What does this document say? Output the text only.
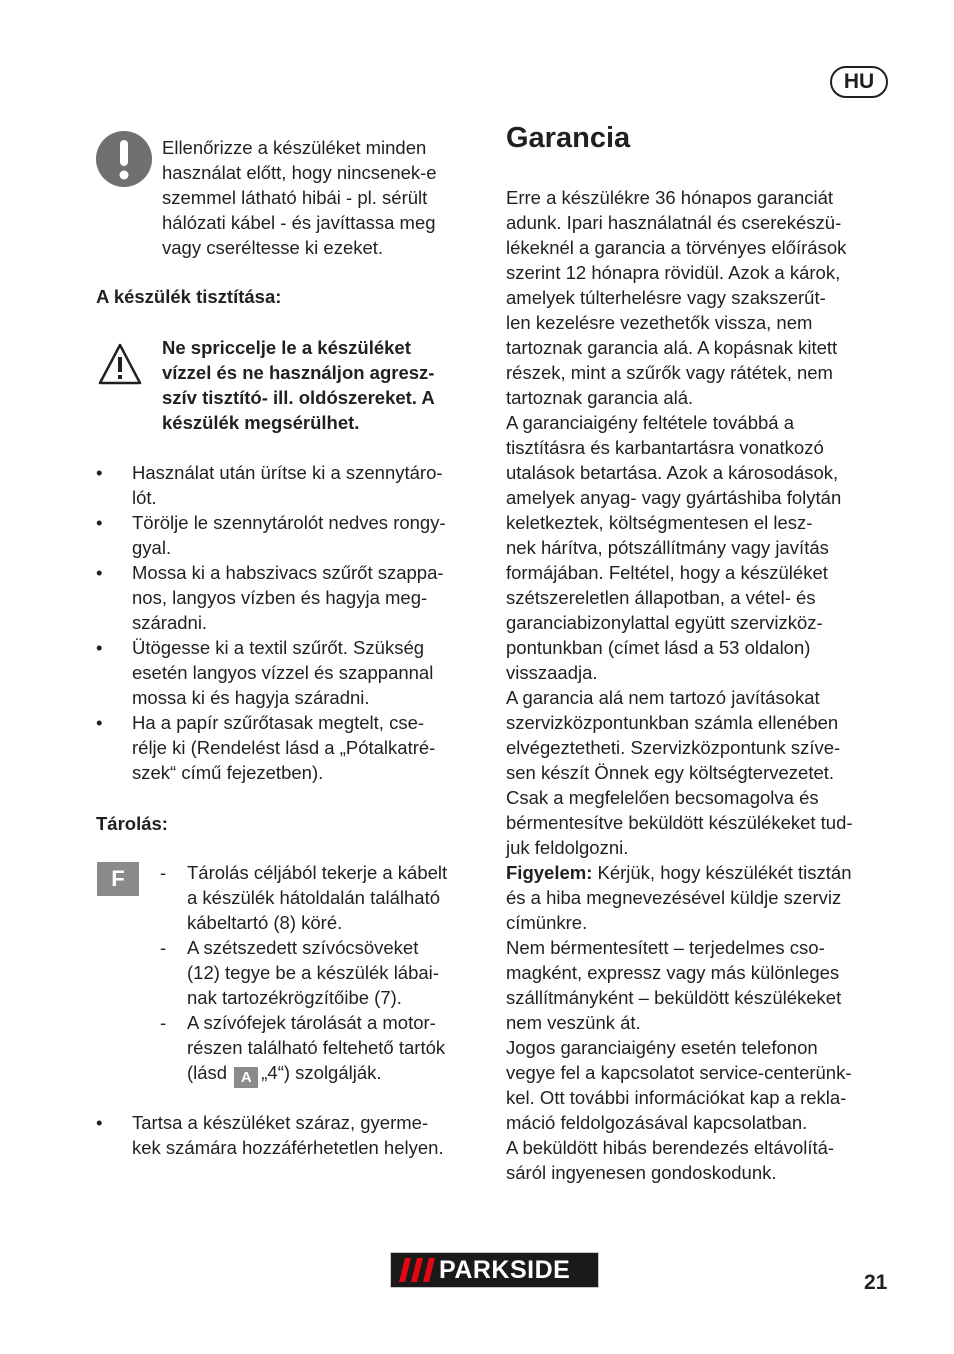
HU
Ellenőrizze a készüléket minden
használat előtt, hogy nincsenek-e
szemmel látható hibái - pl. sérült
hálózati kábel - és javíttassa meg
vagy cseréltesse ki ezeket.
A készülék tisztítása:
Ne spriccelje le a készüléket
vízzel és ne használjon agresz-
szív tisztító- ill. oldószereket. A
készülék megsérülhet.
• Használat után ürítse ki a szennytáro-
lót.
• Törölje le szennytárolót nedves rongy-
gyal.
• Mossa ki a habszivacs szűrőt szappa-
nos, langyos vízben és hagyja meg-
száradni.
• Ütögesse ki a textil szűrőt. Szükség
esetén langyos vízzel és szappannal
mossa ki és hagyja száradni.
• Ha a papír szűrőtasak megtelt, cse-
rélje ki (Rendelést lásd a „Pótalkatré-
szek“ című fejezetben).
Tárolás:
F	- Tárolás céljából tekerje a kábelt
a készülék hátoldalán található
kábeltartó (8) köré.
- A szétszedett szívócsöveket
(12) tegye be a készülék lábai-
nak tartozékrögzítőibe (7).
- A szívófejek tárolását a motor-
részen található feltehető tartók
(lásd A „4“) szolgálják.
• Tartsa a készüléket száraz, gyerme-
kek számára hozzáférhetetlen helyen.
Garancia
Erre a készülékre 36 hónapos garanciát
adunk. Ipari használatnál és cserekészü-
lékeknél a garancia a törvényes előírások
szerint 12 hónapra rövidül. Azok a károk,
amelyek túlterhelésre vagy szakszerűt-
len kezelésre vezethetők vissza, nem
tartoznak garancia alá. A kopásnak kitett
részek, mint a szűrők vagy rátétek, nem
tartoznak garancia alá.
A garanciaigény feltétele továbbá a
tisztításra és karbantartásra vonatkozó
utalások betartása. Azok a károsodások,
amelyek anyag- vagy gyártáshiba folytán
keletkeztek, költségmentesen el lesz-
nek hárítva, pótszállítmány vagy javítás
formájában. Feltétel, hogy a készüléket
szétszereletlen állapotban, a vétel- és
garanciabizonylattal együtt szervizköz-
pontunkban (címet lásd a 53 oldalon)
visszaadja.
A garancia alá nem tartozó javításokat
szervizközpontunkban számla ellenében
elvégeztetheti. Szervizközpontunk szíve-
sen készít Önnek egy költségtervezetet.
Csak a megfelelően becsomagolva és
bérmentesítve beküldött készülékeket tud-
juk feldolgozni.
Figyelem: Kérjük, hogy készülékét tisztán
és a hiba megnevezésével küldje szerviz
címünkre.
Nem bérmentesített – terjedelmes cso-
magként, expressz vagy más különleges
szállítmányként – beküldött készülékeket
nem veszünk át.
Jogos garanciaigény esetén telefonon
vegye fel a kapcsolatot service-centerünk-
kel. Ott további információkat kap a rekla-
máció feldolgozásával kapcsolatban.
A beküldött hibás berendezés eltávolítá-
sáról ingyenesen gondoskodunk.
PARKSIDE	21
